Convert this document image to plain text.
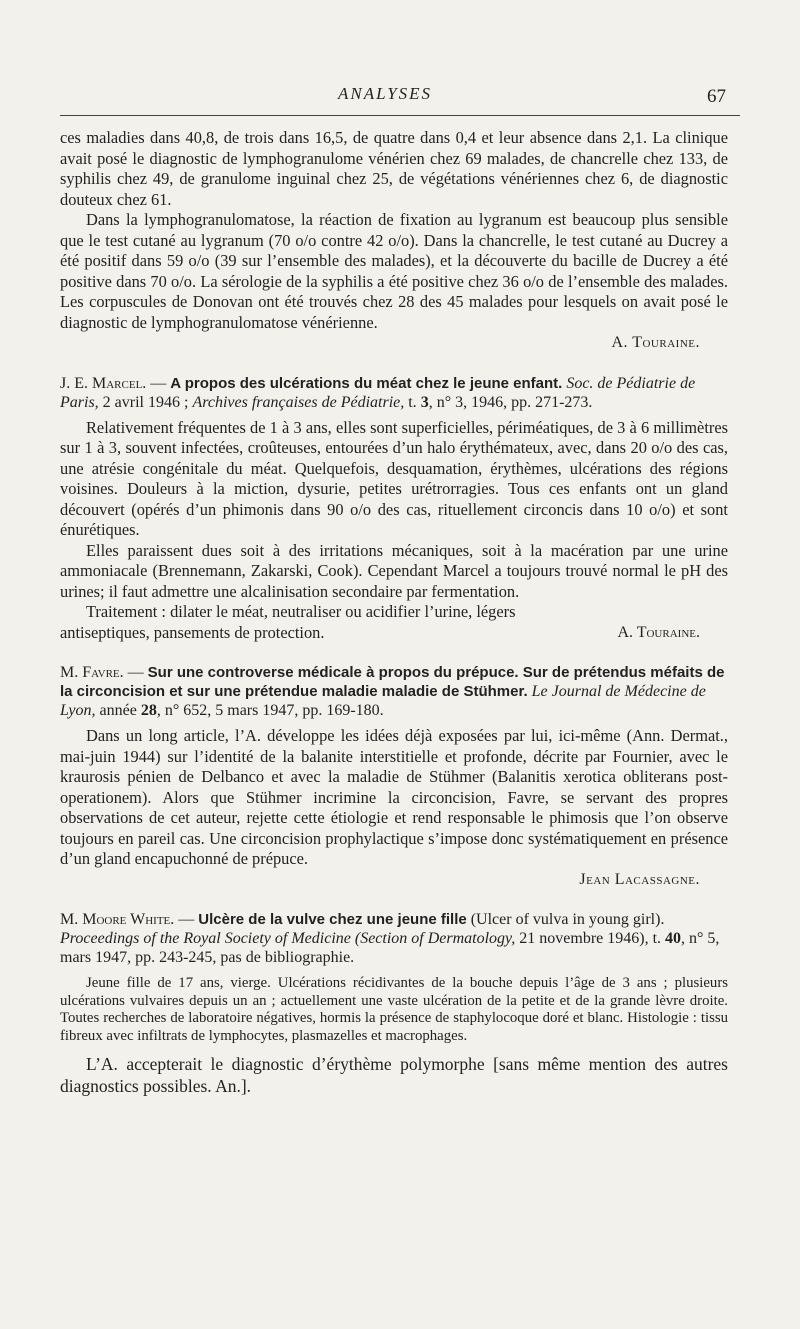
ANALYSES	67

ces maladies dans 40,8, de trois dans 16,5, de quatre dans 0,4 et leur absence dans 2,1. La clinique avait posé le diagnostic de lymphogranulome vénérien chez 69 malades, de chancrelle chez 133, de syphilis chez 49, de granulome inguinal chez 25, de végétations vénériennes chez 6, de diagnostic douteux chez 61.

Dans la lymphogranulomatose, la réaction de fixation au lygranum est beaucoup plus sensible que le test cutané au lygranum (70 o/o contre 42 o/o). Dans la chancrelle, le test cutané au Ducrey a été positif dans 59 o/o (39 sur l’ensemble des malades), et la découverte du bacille de Ducrey a été positive dans 70 o/o. La sérologie de la syphilis a été positive chez 36 o/o de l’ensemble des malades. Les corpuscules de Donovan ont été trouvés chez 28 des 45 malades pour lesquels on avait posé le diagnostic de lymphogranulomatose vénérienne.

A. Touraine.
J. E. Marcel. — A propos des ulcérations du méat chez le jeune enfant. Soc. de Pédiatrie de Paris, 2 avril 1946 ; Archives françaises de Pédiatrie, t. 3, n° 3, 1946, pp. 271-273.

Relativement fréquentes de 1 à 3 ans, elles sont superficielles, périméatiques, de 3 à 6 millimètres sur 1 à 3, souvent infectées, croûteuses, entourées d’un halo érythémateux, avec, dans 20 o/o des cas, une atrésie congénitale du méat. Quelquefois, desquamation, érythèmes, ulcérations des régions voisines. Douleurs à la miction, dysurie, petites urétrorragies. Tous ces enfants ont un gland découvert (opérés d’un phimonis dans 90 o/o des cas, rituellement circoncis dans 10 o/o) et sont énurétiques.

Elles paraissent dues soit à des irritations mécaniques, soit à la macération par une urine ammoniacale (Brennemann, Zakarski, Cook). Cependant Marcel a toujours trouvé normal le pH des urines; il faut admettre une alcalinisation secondaire par fermentation.

Traitement : dilater le méat, neutraliser ou acidifier l’urine, légers antiseptiques, pansements de protection.	A. Touraine.
M. Favre. — Sur une controverse médicale à propos du prépuce. Sur de prétendus méfaits de la circoncision et sur une prétendue maladie maladie de Stühmer. Le Journal de Médecine de Lyon, année 28, n° 652, 5 mars 1947, pp. 169-180.

Dans un long article, l’A. développe les idées déjà exposées par lui, ici-même (Ann. Dermat., mai-juin 1944) sur l’identité de la balanite interstitielle et profonde, décrite par Fournier, avec le kraurosis pénien de Delbanco et avec la maladie de Stühmer (Balanitis xerotica obliterans post-operationem). Alors que Stühmer incrimine la circoncision, Favre, se servant des propres observations de cet auteur, rejette cette étiologie et rend responsable le phimosis que l’on observe toujours en pareil cas. Une circoncision prophylactique s’impose donc systématiquement en présence d’un gland encapuchonné de prépuce.

Jean Lacassagne.
M. Moore White. — Ulcère de la vulve chez une jeune fille (Ulcer of vulva in young girl). Proceedings of the Royal Society of Medicine (Section of Dermatology, 21 novembre 1946), t. 40, n° 5, mars 1947, pp. 243-245, pas de bibliographie.

Jeune fille de 17 ans, vierge. Ulcérations récidivantes de la bouche depuis l’âge de 3 ans ; plusieurs ulcérations vulvaires depuis un an ; actuellement une vaste ulcération de la petite et de la grande lèvre droite. Toutes recherches de laboratoire négatives, hormis la présence de staphylocoque doré et blanc. Histologie : tissu fibreux avec infiltrats de lymphocytes, plasmazelles et macrophages.

L’A. accepterait le diagnostic d’érythème polymorphe [sans même mention des autres diagnostics possibles. An.].
